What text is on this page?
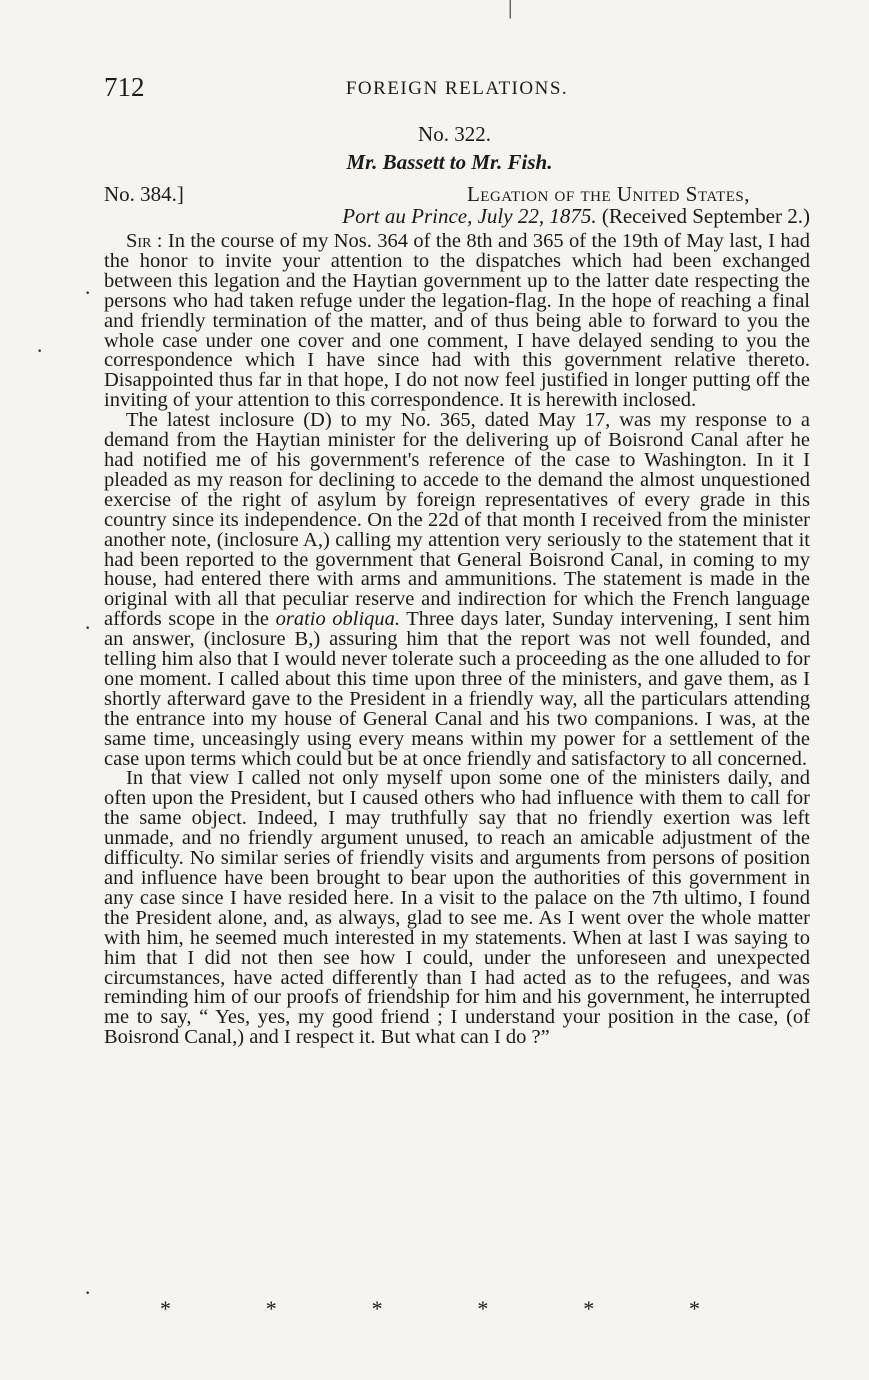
712	FOREIGN RELATIONS.
No. 322.
Mr. Bassett to Mr. Fish.
No. 384.]	Legation of the United States,
Port au Prince, July 22, 1875. (Received September 2.)

Sir : In the course of my Nos. 364 of the 8th and 365 of the 19th of May last, I had the honor to invite your attention to the dispatches which had been exchanged between this legation and the Haytian government up to the latter date respecting the persons who had taken refuge under the legation-flag. In the hope of reaching a final and friendly termination of the matter, and of thus being able to forward to you the whole case under one cover and one comment, I have delayed sending to you the correspondence which I have since had with this government relative thereto. Disappointed thus far in that hope, I do not now feel justified in longer putting off the inviting of your attention to this correspondence. It is herewith inclosed.

The latest inclosure (D) to my No. 365, dated May 17, was my response to a demand from the Haytian minister for the delivering up of Boisrond Canal after he had notified me of his government's reference of the case to Washington. In it I pleaded as my reason for declining to accede to the demand the almost unquestioned exercise of the right of asylum by foreign representatives of every grade in this country since its independence. On the 22d of that month I received from the minister another note, (inclosure A,) calling my attention very seriously to the statement that it had been reported to the government that General Boisrond Canal, in coming to my house, had entered there with arms and ammunitions. The statement is made in the original with all that peculiar reserve and indirection for which the French language affords scope in the oratio obliqua. Three days later, Sunday intervening, I sent him an answer, (inclosure B,) assuring him that the report was not well founded, and telling him also that I would never tolerate such a proceeding as the one alluded to for one moment. I called about this time upon three of the ministers, and gave them, as I shortly afterward gave to the President in a friendly way, all the particulars attending the entrance into my house of General Canal and his two companions. I was, at the same time, unceasingly using every means within my power for a settlement of the case upon terms which could but be at once friendly and satisfactory to all concerned.

In that view I called not only myself upon some one of the ministers daily, and often upon the President, but I caused others who had influence with them to call for the same object. Indeed, I may truthfully say that no friendly exertion was left unmade, and no friendly argument unused, to reach an amicable adjustment of the difficulty. No similar series of friendly visits and arguments from persons of position and influence have been brought to bear upon the authorities of this government in any case since I have resided here. In a visit to the palace on the 7th ultimo, I found the President alone, and, as always, glad to see me. As I went over the whole matter with him, he seemed much interested in my statements. When at last I was saying to him that I did not then see how I could, under the unforeseen and unexpected circumstances, have acted differently than I had acted as to the refugees, and was reminding him of our proofs of friendship for him and his government, he interrupted me to say, “ Yes, yes, my good friend ; I understand your position in the case, (of Boisrond Canal,) and I respect it. But what can I do ?”

*	*	*	*	*	*
|
·
·
·
·
